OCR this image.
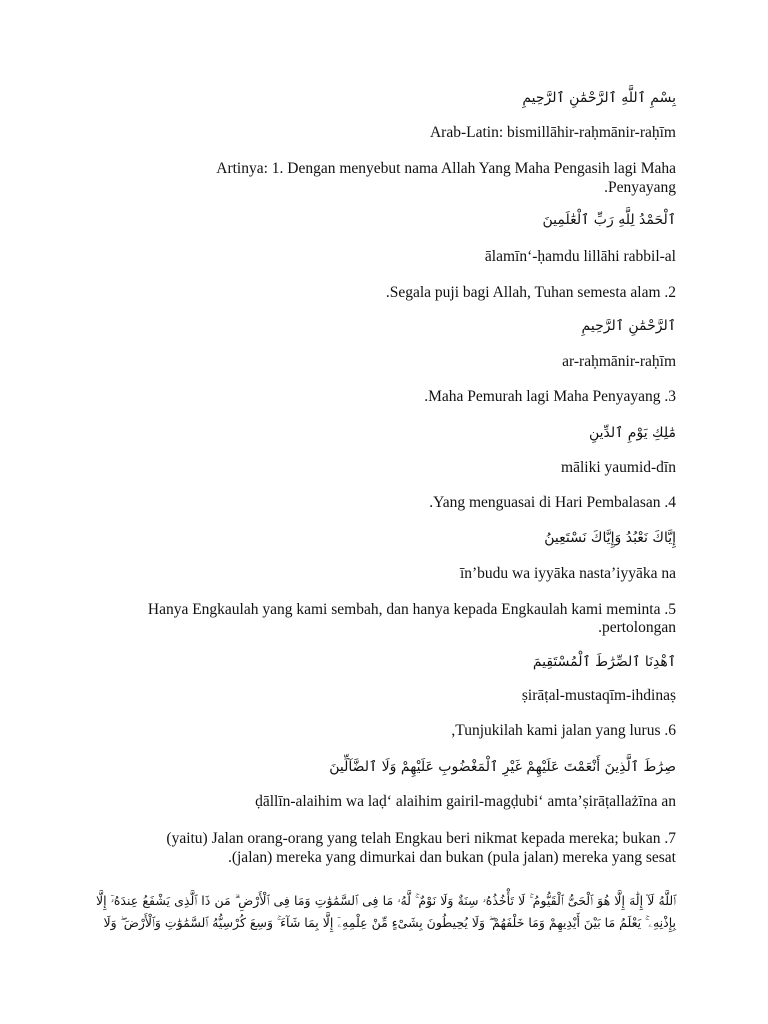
بِسْمِ ٱللَّهِ ٱلرَّحْمَٰنِ ٱلرَّحِيمِ
Arab-Latin: bismillāhir-raḥmānir-raḥīm
Artinya: 1. Dengan menyebut nama Allah Yang Maha Pengasih lagi Maha
.Penyayang
ٱلْحَمْدُ لِلَّهِ رَبِّ ٱلْعَٰلَمِينَ
ālamīn‘-ḥamdu lillāhi rabbil-al
.Segala puji bagi Allah, Tuhan semesta alam .2
ٱلرَّحْمَٰنِ ٱلرَّحِيمِ
ar-raḥmānir-raḥīm
.Maha Pemurah lagi Maha Penyayang .3
مَٰلِكِ يَوْمِ ٱلدِّينِ
māliki yaumid-dīn
.Yang menguasai di Hari Pembalasan .4
إِيَّاكَ نَعْبُدُ وَإِيَّاكَ نَسْتَعِينُ
īn’budu wa iyyāka nasta’iyyāka na
Hanya Engkaulah yang kami sembah, dan hanya kepada Engkaulah kami meminta .5
.pertolongan
ٱهْدِنَا ٱلصِّرَٰطَ ٱلْمُسْتَقِيمَ
ṣirāṭal-mustaqīm-ihdinaṣ
,Tunjukilah kami jalan yang lurus .6
صِرَٰطَ ٱلَّذِينَ أَنْعَمْتَ عَلَيْهِمْ غَيْرِ ٱلْمَغْضُوبِ عَلَيْهِمْ وَلَا ٱلضَّآلِّينَ
ḍāllīn-alaihim wa laḍ‘ alaihim gairil-magḍubi‘ amta’ṣirāṭallażīna an
(yaitu) Jalan orang-orang yang telah Engkau beri nikmat kepada mereka; bukan .7
.(jalan) mereka yang dimurkai dan bukan (pula jalan) mereka yang sesat
ٱللَّهُ لَآ إِلَٰهَ إِلَّا هُوَ ٱلْحَىُّ ٱلْقَيُّومُ ۚ لَا تَأْخُذُهُۥ سِنَةٌ وَلَا نَوْمٌ ۚ لَّهُۥ مَا فِى ٱلسَّمَٰوَٰتِ وَمَا فِى ٱلْأَرْضِ ۗ مَن ذَا ٱلَّذِى يَشْفَعُ عِندَهُۥٓ إِلَّا بِإِذْنِهِۦ ۚ يَعْلَمُ مَا بَيْنَ أَيْدِيهِمْ وَمَا خَلْفَهُمْ ۖ وَلَا يُحِيطُونَ بِشَىْءٍ مِّنْ عِلْمِهِۦٓ إِلَّا بِمَا شَآءَ ۚ وَسِعَ كُرْسِيُّهُ ٱلسَّمَٰوَٰتِ وَٱلْأَرْضَ ۖ وَلَا
